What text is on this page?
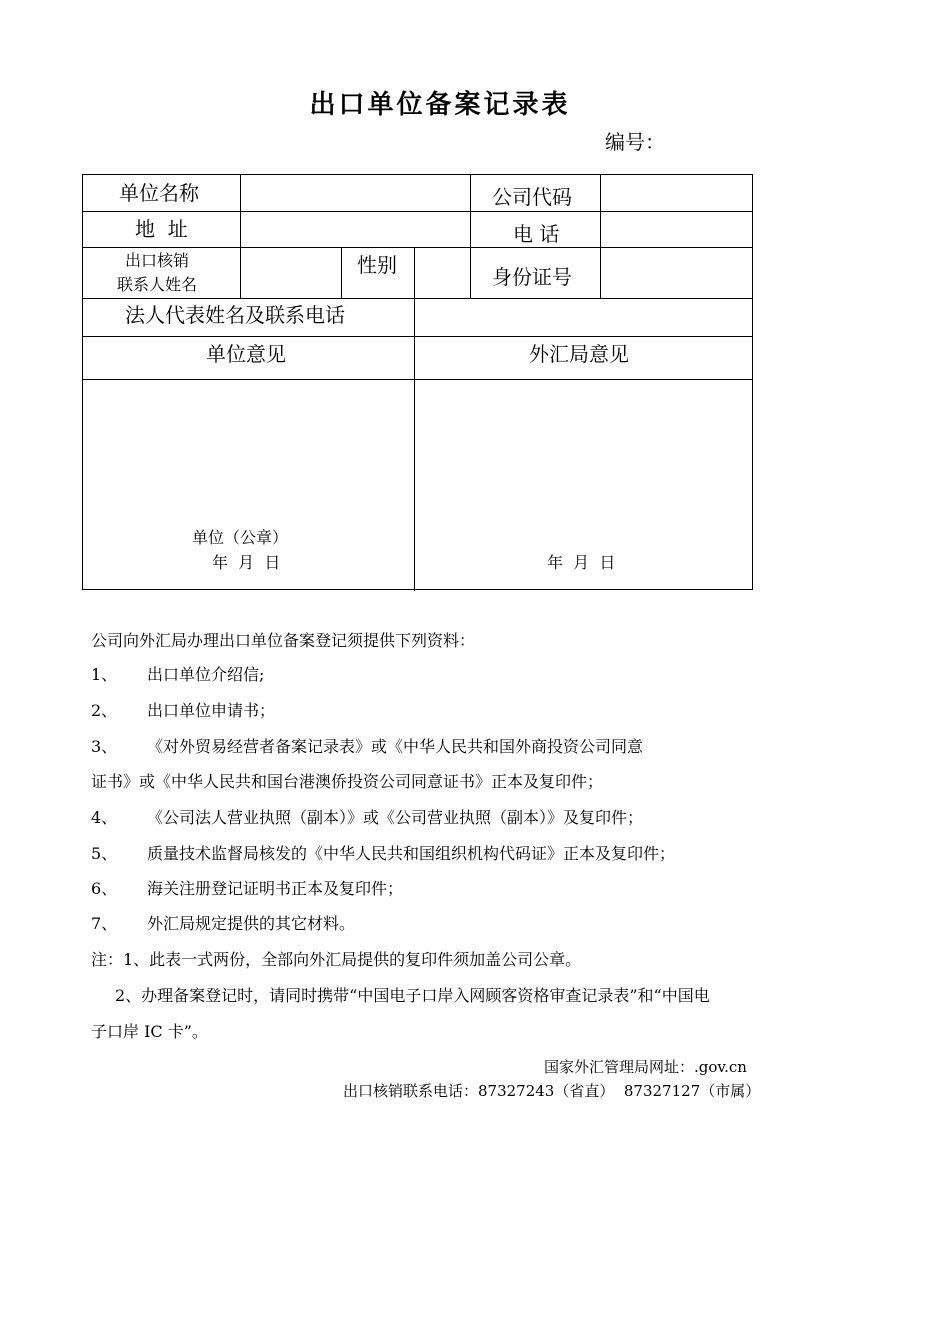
出口单位备案记录表
编号：
单位名称	公司代码
地  址	电 话
出口核销
联系人姓名
性别	身份证号
法人代表姓名及联系电话
单位意见	外汇局意见
单位（公章）
年  月  日	年  月  日
公司向外汇局办理出口单位备案登记须提供下列资料：
1、 出口单位介绍信;
2、 出口单位申请书；
3、 《对外贸易经营者备案记录表》或《中华人民共和国外商投资公司同意
证书》或《中华人民共和国台港澳侨投资公司同意证书》正本及复印件；
4、 《公司法人营业执照（副本）》或《公司营业执照（副本）》及复印件；
5、 质量技术监督局核发的《中华人民共和国组织机构代码证》正本及复印件；
6、 海关注册登记证明书正本及复印件；
7、 外汇局规定提供的其它材料。
注：1、此表一式两份，全部向外汇局提供的复印件须加盖公司公章。
2、办理备案登记时，请同时携带“中国电子口岸入网顾客资格审查记录表”和“中国电
子口岸 IC 卡”。
国家外汇管理局网址：.gov.cn
出口核销联系电话：87327243（省直）  87327127（市属）
